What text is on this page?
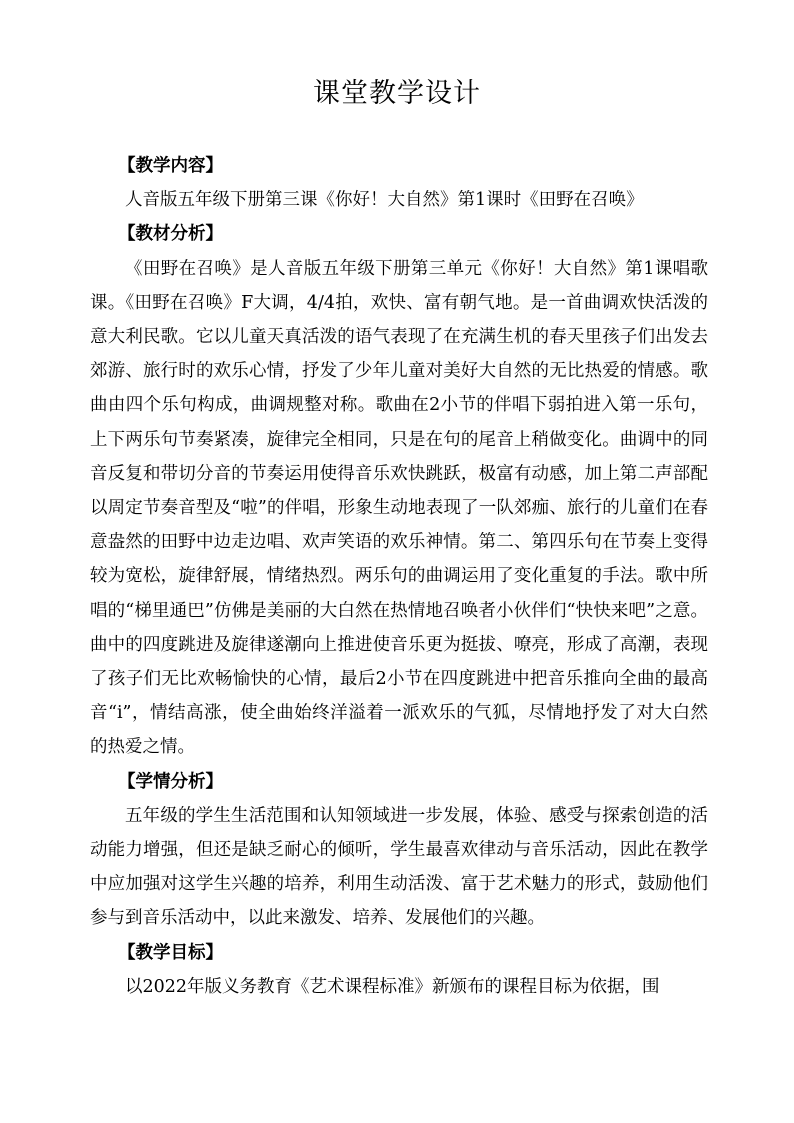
课堂教学设计

【教学内容】

人音版五年级下册第三课《你好！大自然》第1课时《田野在召唤》

【教材分析】

《田野在召唤》是人音版五年级下册第三单元《你好！大自然》第1课唱歌课。《田野在召唤》F大调，4/4拍，欢快、富有朝气地。是一首曲调欢快活泼的意大利民歌。它以儿童天真活泼的语气表现了在充满生机的春天里孩子们出发去郊游、旅行时的欢乐心情，抒发了少年儿童对美好大自然的无比热爱的情感。歌曲由四个乐句构成，曲调规整对称。歌曲在2小节的伴唱下弱拍进入第一乐句，上下两乐句节奏紧凑，旋律完全相同，只是在句的尾音上稍做变化。曲调中的同音反复和带切分音的节奏运用使得音乐欢快跳跃，极富有动感，加上第二声部配以周定节奏音型及“啦”的伴唱，形象生动地表现了一队郊痂、旅行的儿童们在春意盎然的田野中边走边唱、欢声笑语的欢乐神情。第二、第四乐句在节奏上变得较为宽松，旋律舒展，情绪热烈。两乐句的曲调运用了变化重复的手法。歌中所唱的“梯里通巴”仿佛是美丽的大白然在热情地召唤者小伙伴们“快快来吧”之意。曲中的四度跳进及旋律遂潮向上推进使音乐更为挺拔、嘹亮，形成了高潮，表现了孩子们无比欢畅愉快的心情，最后2小节在四度跳进中把音乐推向全曲的最高音“i”，情结高涨，使全曲始终洋溢着一派欢乐的气狐，尽情地抒发了对大白然的热爱之情。

【学情分析】

五年级的学生生活范围和认知领域进一步发展，体验、感受与探索创造的活动能力增强，但还是缺乏耐心的倾听，学生最喜欢律动与音乐活动，因此在教学中应加强对这学生兴趣的培养，利用生动活泼、富于艺术魅力的形式，鼓励他们参与到音乐活动中，以此来激发、培养、发展他们的兴趣。

【教学目标】

以2022年版义务教育《艺术课程标准》新颁布的课程目标为依据，围
